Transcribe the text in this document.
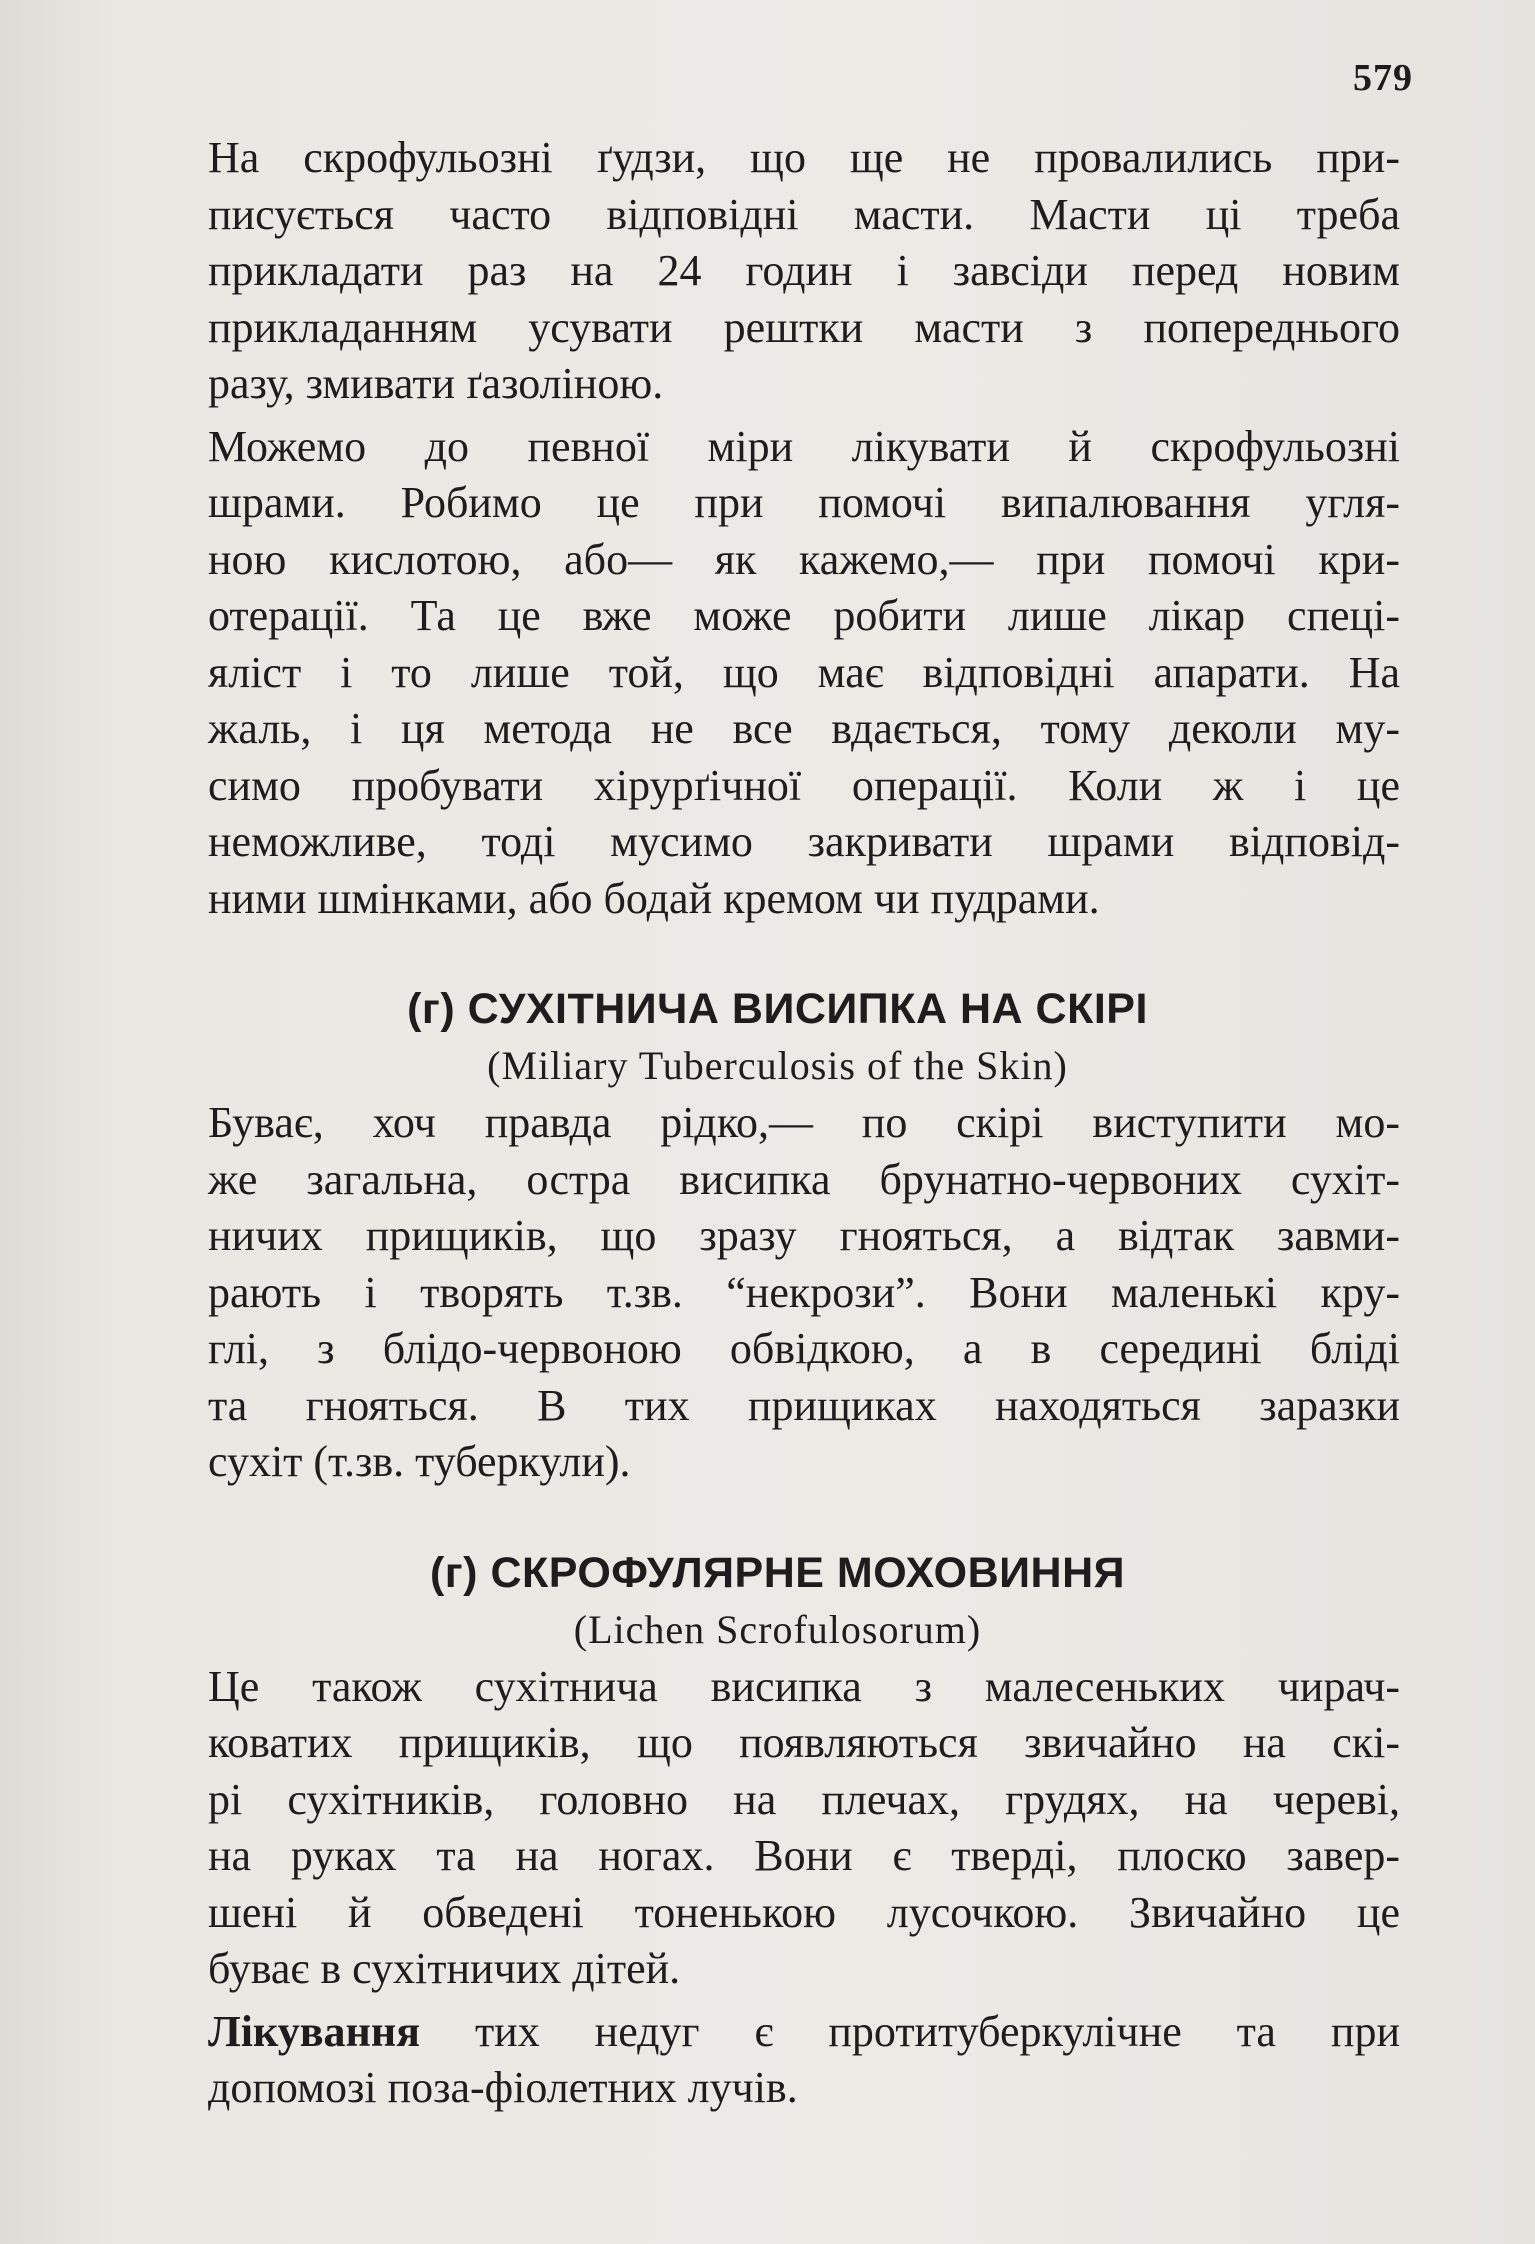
579

На скрофульозні ґудзи, що ще не провалились при-
писується часто відповідні масти. Масти ці треба
прикладати раз на 24 годин і завсіди перед новим
прикладанням усувати рештки масти з попереднього
разу, змивати ґазоліною.

Можемо до певної міри лікувати й скрофульозні
шрами. Робимо це при помочі випалювання угля-
ною кислотою, або— як кажемо,— при помочі кри-
отерації. Та це вже може робити лише лікар спеці-
яліст і то лише той, що має відповідні апарати. На
жаль, і ця метода не все вдається, тому деколи му-
симо пробувати хірурґічної операції. Коли ж і це
неможливе, тоді мусимо закривати шрами відповід-
ними шмінками, або бодай кремом чи пудрами.

(г) СУХІТНИЧА ВИСИПКА НА СКІРІ
(Miliary Tuberculosis of the Skin)

Буває, хоч правда рідко,— по скірі виступити мо-
же загальна, остра висипка брунатно-червоних сухіт-
ничих прищиків, що зразу гнояться, а відтак завми-
рають і творять т.зв. “некрози”. Вони маленькі кру-
глі, з блідо-червоною обвідкою, а в середині бліді
та гнояться. В тих прищиках находяться заразки
сухіт (т.зв. туберкули).

(г) СКРОФУЛЯРНЕ МОХОВИННЯ
(Lichen Scrofulosorum)

Це також сухітнича висипка з малесеньких чирач-
коватих прищиків, що появляються звичайно на скі-
рі сухітників, головно на плечах, грудях, на череві,
на руках та на ногах. Вони є тверді, плоско завер-
шені й обведені тоненькою лусочкою. Звичайно це
буває в сухітничих дітей.

Лікування тих недуг є протитуберкулічне та при
допомозі поза-фіолетних лучів.
